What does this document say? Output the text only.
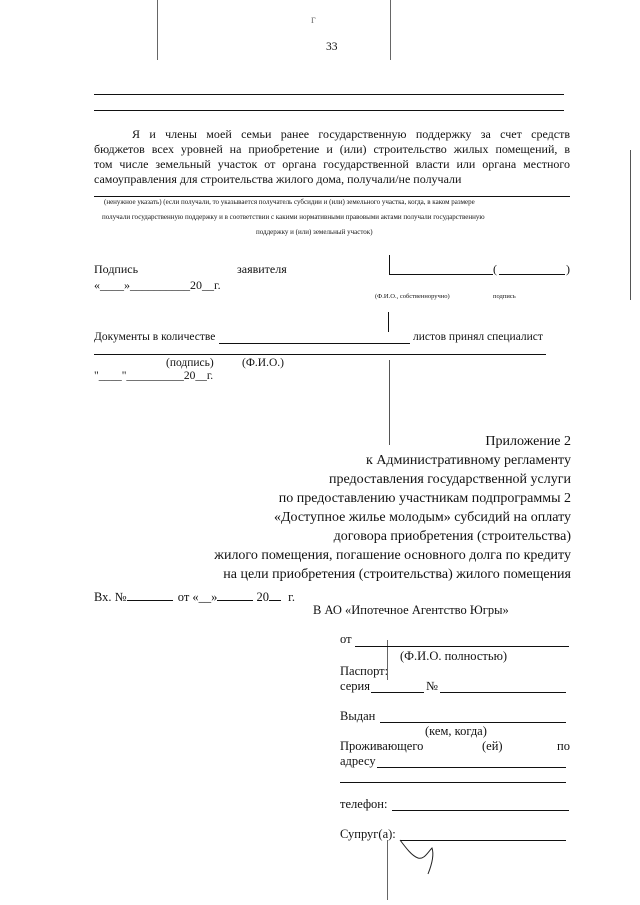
г
33
Я и члены моей семьи ранее государственную поддержку за счет средств
бюджетов всех уровней на приобретение и (или) строительство жилых помещений, в
том числе земельный участок от органа государственной власти или органа местного
самоуправления для строительства жилого дома, получали/не получали
(ненужное указать) (если получали, то указывается получатель субсидии и (или) земельного участка, когда, в каком размере
получали государственную поддержку и в соответствии с какими нормативными правовыми актами получали государственную
поддержку и (или) земельный участок)
Подпись	заявителя
«____»__________20__г.
(	)
(Ф.И.О., собственноручно)	подпись
Документы в количестве	листов принял специалист
(подпись) (Ф.И.О.)
"____"__________20__г.
Приложение 2
к Административному регламенту
предоставления государственной услуги
по предоставлению участникам подпрограммы 2
«Доступное жилье молодым» субсидий на оплату
договора приобретения (строительства)
жилого помещения, погашение основного долга по кредиту
на цели приобретения (строительства) жилого помещения
Вх. №	от «__»	20 г.
В АО «Ипотечное Агентство Югры»
от
(Ф.И.О. полностью)
Паспорт:
серия	№
Выдан
(кем, когда)
Проживающего	(ей)	по
адресу
телефон:
Супруг(а):
